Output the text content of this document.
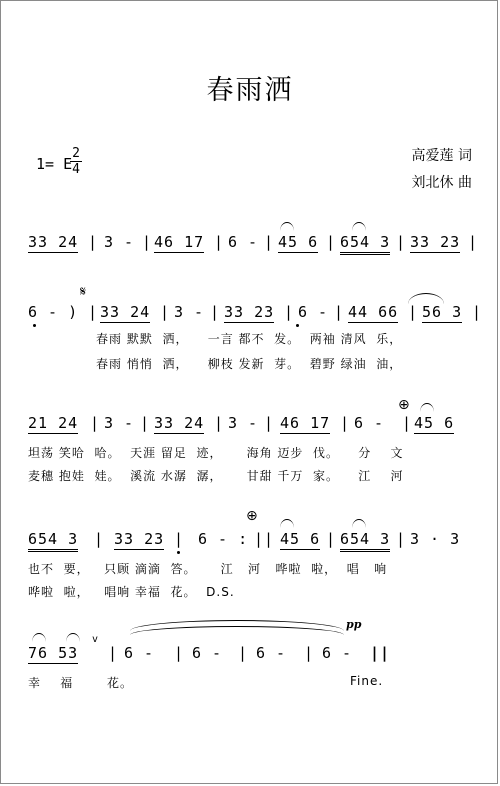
春雨洒
1= E
2
4
高爱莲 词
刘北休 曲
33 24 | 3 - | 46 17 | 6 - | 45 6 | 654 3 | 33 23 |
𝄋
6 - ) | 33 24 | 3 - | 33 23 | 6 - | 44 66 | 56 3 |
春雨 默默  洒，    一言 都不  发。  两袖 清风  乐，
春雨 悄悄  洒，    柳枝 发新  芽。  碧野 绿油  油，
⊕
21 24 | 3 - | 33 24 | 3 - | 46 17 | 6 - | 45 6
坦荡 笑哈  哈。  天涯 留足  迹，     海角 迈步  伐。    分    文
麦穗 抱娃  娃。  溪流 水潺  潺，     甘甜 千万  家。    江    河
⊕
654 3 | 33 23 | 6 - : || 45 6 | 654 3 | 3 · 3
也不  要，   只顾 滴滴  答。     江   河   哗啦  啦，  唱   响
哗啦  啦，   唱响 幸福  花。  D.S.
pp
76 53
v
| 6 - | 6 - | 6 - | 6 - ||
幸    福       花。	Fine.
